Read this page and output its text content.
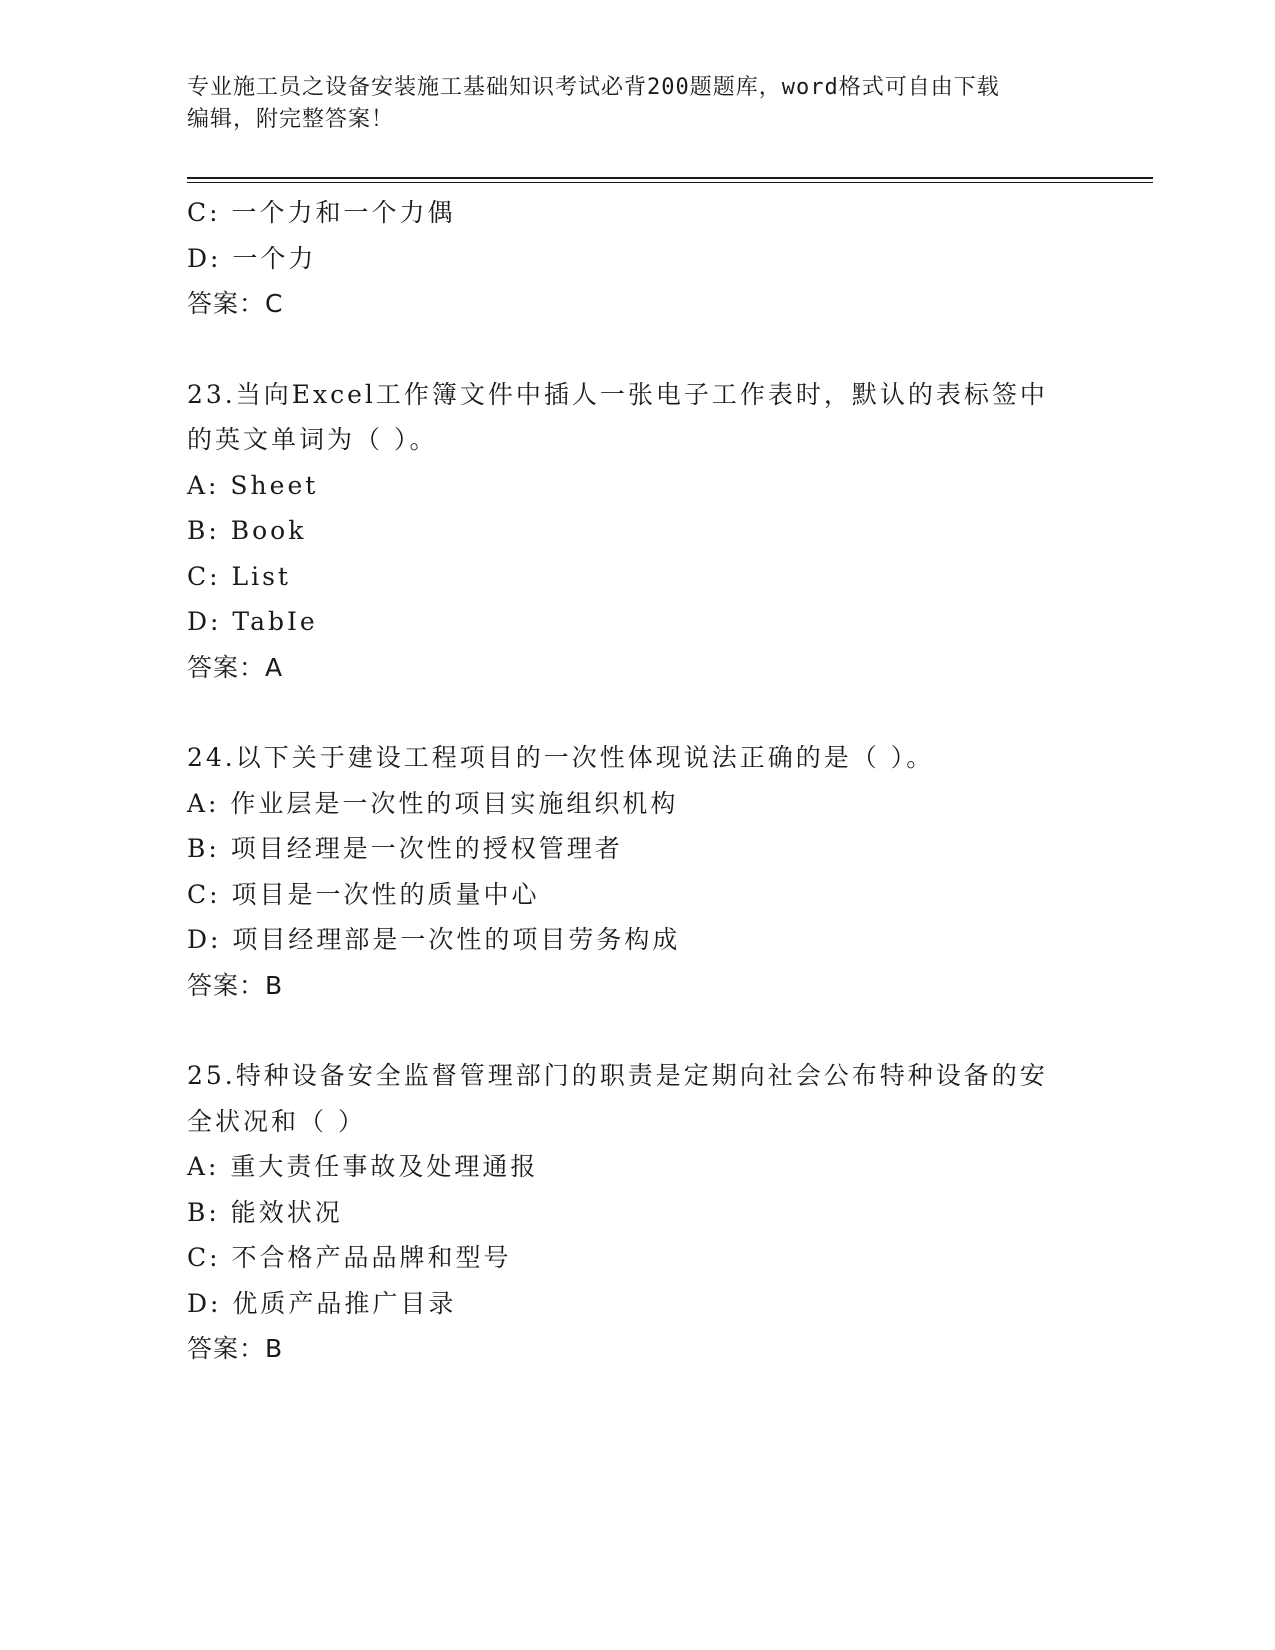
专业施工员之设备安装施工基础知识考试必背200题题库，word格式可自由下载
编辑，附完整答案！
C: 一个力和一个力偶
D: 一个力
答案：C
23.当向Excel工作簿文件中插人一张电子工作表时，默认的表标签中
的英文单词为（ ）。
A: Sheet
B: Book
C: List
D: TabIe
答案：A
24.以下关于建设工程项目的一次性体现说法正确的是（ ）。
A: 作业层是一次性的项目实施组织机构
B: 项目经理是一次性的授权管理者
C: 项目是一次性的质量中心
D: 项目经理部是一次性的项目劳务构成
答案：B
25.特种设备安全监督管理部门的职责是定期向社会公布特种设备的安
全状况和（ ）
A: 重大责任事故及处理通报
B: 能效状况
C: 不合格产品品牌和型号
D: 优质产品推广目录
答案：B
